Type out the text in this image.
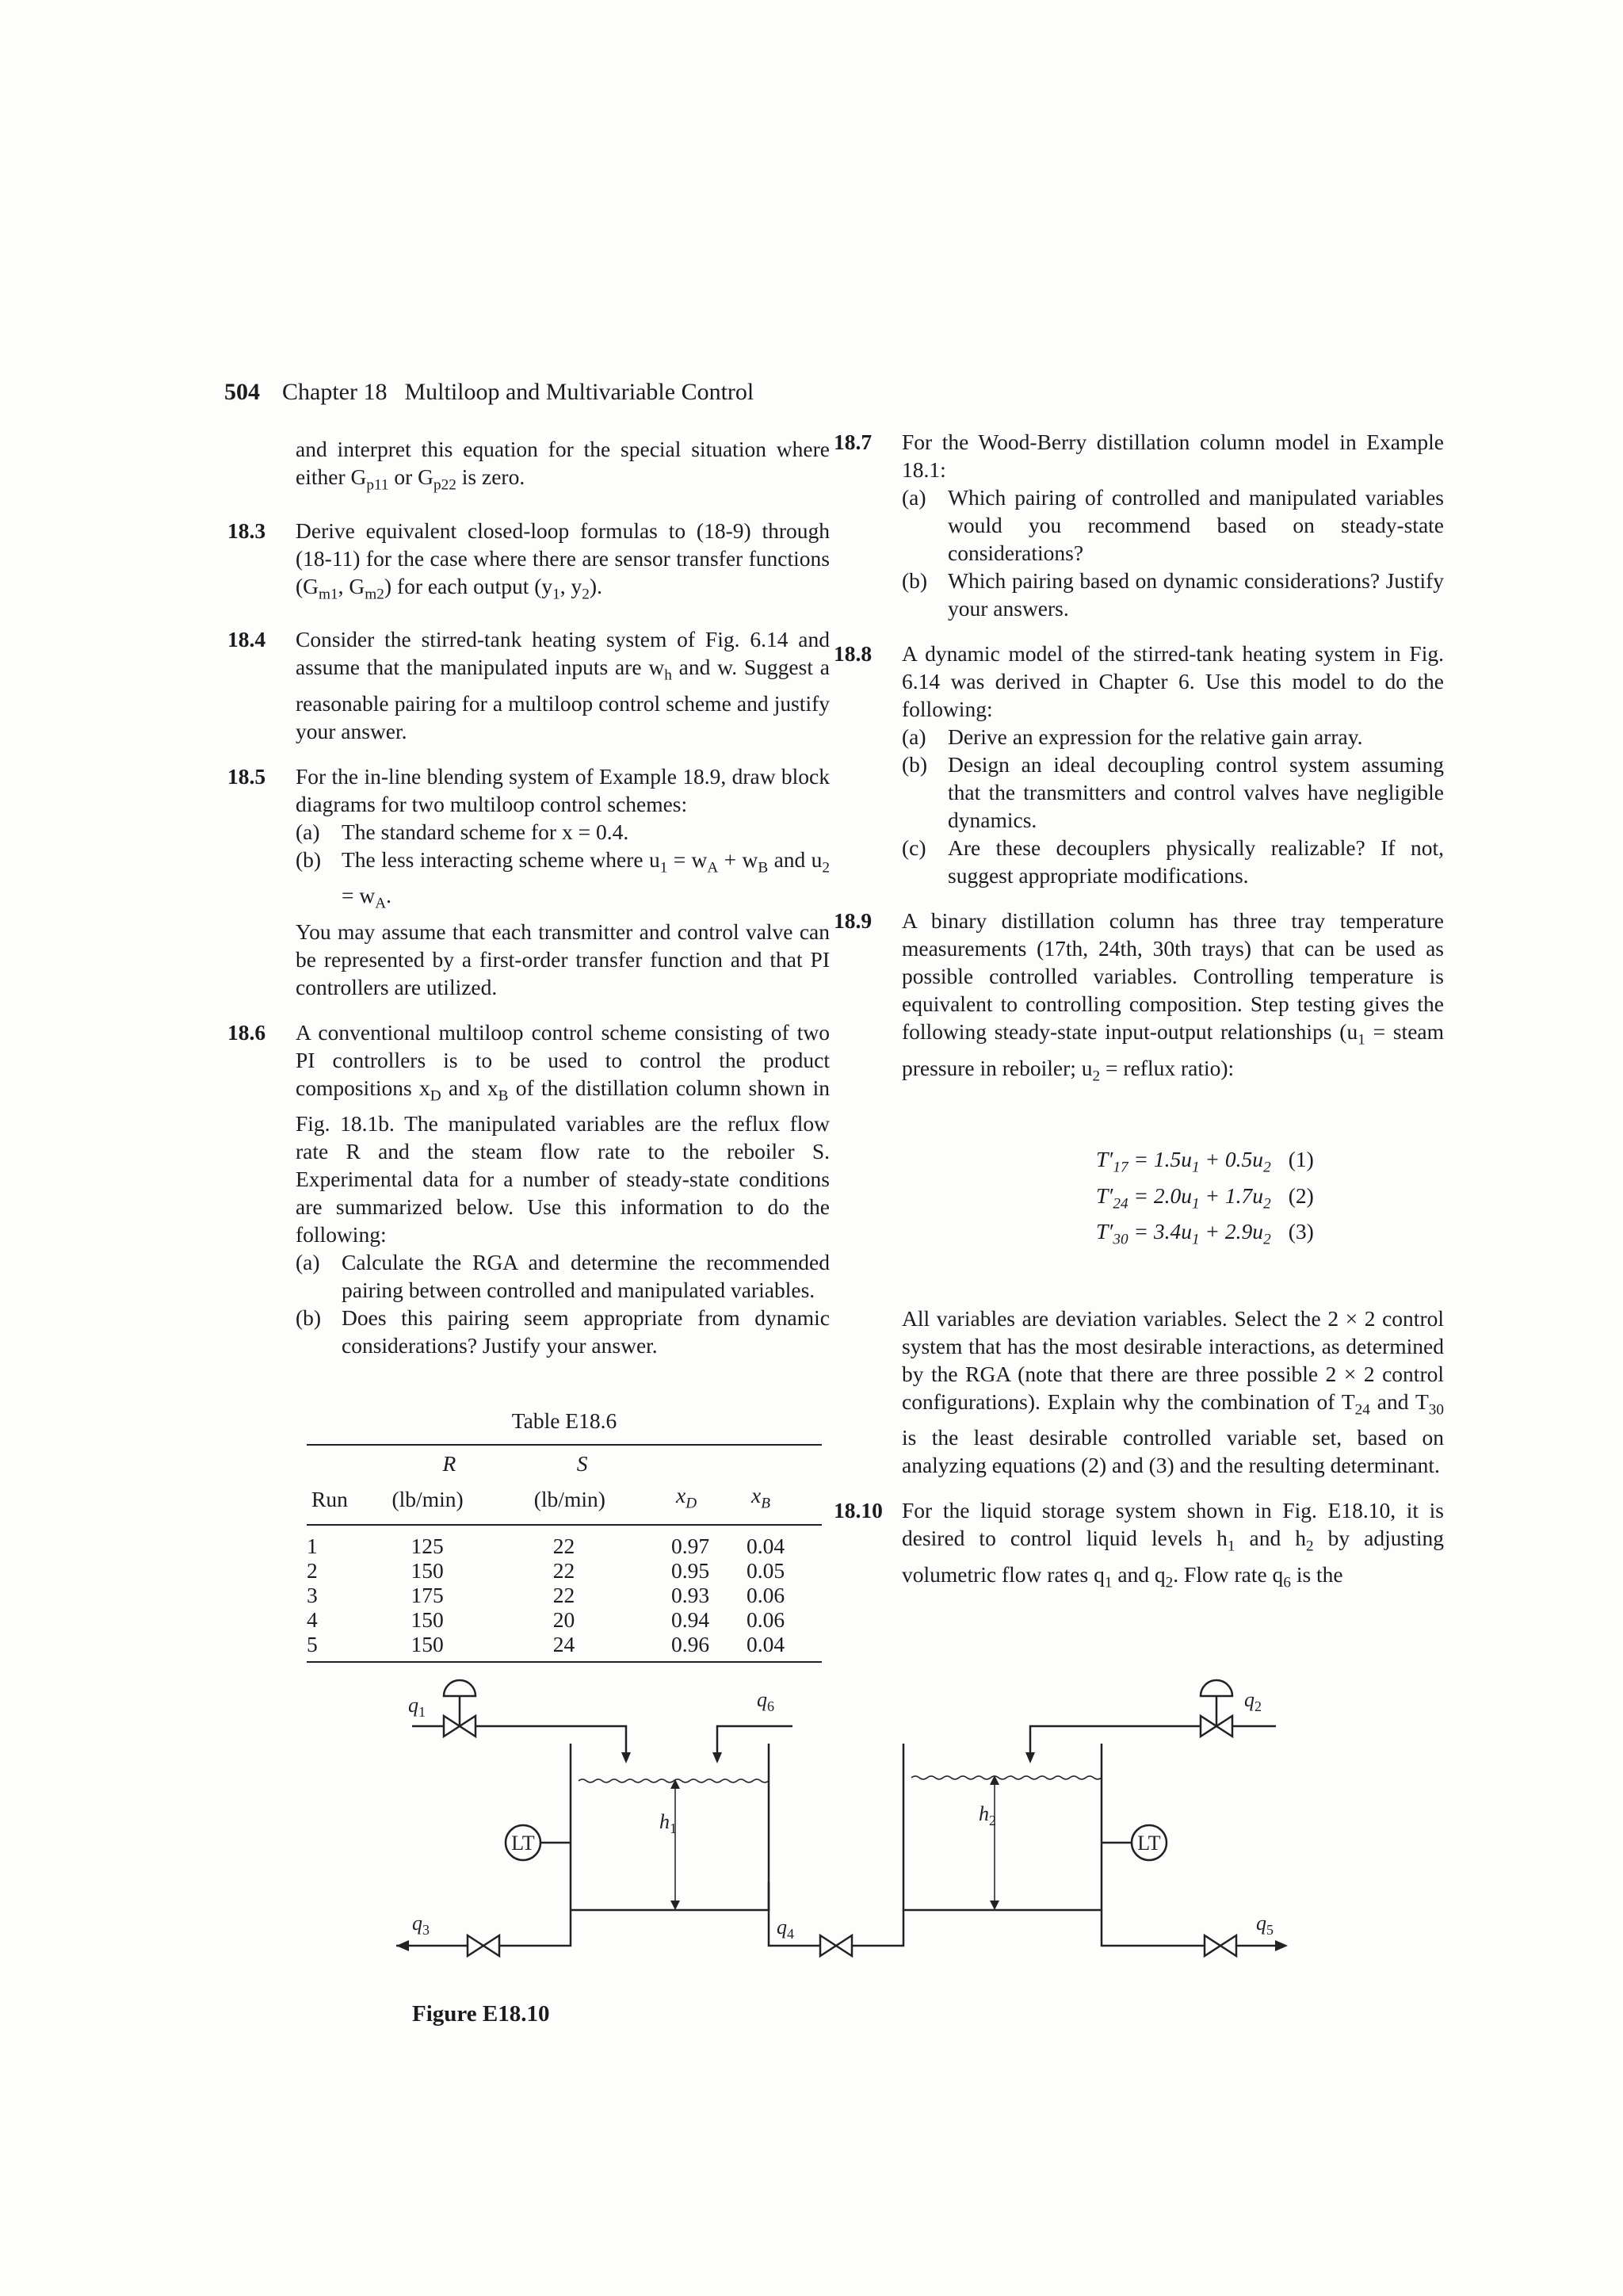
504 Chapter 18 Multiloop and Multivariable Control

and interpret this equation for the special situation where either $G_{p11}$ or $G_{p22}$ is zero.

18.3 Derive equivalent closed-loop formulas to (18-9) through (18-11) for the case where there are sensor transfer functions ($G_{m1}$, $G_{m2}$) for each output ($y_1$, $y_2$).

18.4 Consider the stirred-tank heating system of Fig. 6.14 and assume that the manipulated inputs are $w_h$ and w. Suggest a reasonable pairing for a multiloop control scheme and justify your answer.

18.5 For the in-line blending system of Example 18.9, draw block diagrams for two multiloop control schemes:

(a) The standard scheme for x = 0.4.
(b) The less interacting scheme where $u_1 = w_A + w_B$ and $u_2 = w_A$.

You may assume that each transmitter and control valve can be represented by a first-order transfer function and that PI controllers are utilized.

18.6 A conventional multiloop control scheme consisting of two PI controllers is to be used to control the product compositions $x_D$ and $x_B$ of the distillation column shown in Fig. 18.1b. The manipulated variables are the reflux flow rate R and the steam flow rate to the reboiler S. Experimental data for a number of steady-state conditions are summarized below. Use this information to do the following:

(a) Calculate the RGA and determine the recommended pairing between controlled and manipulated variables.
(b) Does this pairing seem appropriate from dynamic considerations? Justify your answer.
Table E18.6
	R	S		
Run	(lb/min)	(lb/min)	$x_D$	$x_B$
1	125	22	0.97	0.04
2	150	22	0.95	0.05
3	175	22	0.93	0.06
4	150	20	0.94	0.06
5	150	24	0.96	0.04
18.7 For the Wood-Berry distillation column model in Example 18.1:

(a) Which pairing of controlled and manipulated variables would you recommend based on steady-state considerations?
(b) Which pairing based on dynamic considerations? Justify your answers.
18.8 A dynamic model of the stirred-tank heating system in Fig. 6.14 was derived in Chapter 6. Use this model to do the following:

(a) Derive an expression for the relative gain array.
(b) Design an ideal decoupling control system assuming that the transmitters and control valves have negligible dynamics.
(c) Are these decouplers physically realizable? If not, suggest appropriate modifications.
18.9 A binary distillation column has three tray temperature measurements (17th, 24th, 30th trays) that can be used as possible controlled variables. Controlling temperature is equivalent to controlling composition. Step testing gives the following steady-state input-output relationships ($u_1$ = steam pressure in reboiler; $u_2$ = reflux ratio):

$T'_{17} = 1.5u_1 + 0.5u_2$ (1)
$T'_{24} = 2.0u_1 + 1.7u_2$ (2)
$T'_{30} = 3.4u_1 + 2.9u_2$ (3)

All variables are deviation variables. Select the 2 × 2 control system that has the most desirable interactions, as determined by the RGA (note that there are three possible 2 × 2 control configurations). Explain why the combination of $T_{24}$ and $T_{30}$ is the least desirable controlled variable set, based on analyzing equations (2) and (3) and the resulting determinant.

18.10 For the liquid storage system shown in Fig. E18.10, it is desired to control liquid levels $h_1$ and $h_2$ by adjusting volumetric flow rates $q_1$ and $q_2$. Flow rate $q_6$ is the

LT	LT
$q_1$
$q_6$	$q_2$
$q_3$	$q_4$	$q_5$
$h_1$
$h_2$
Figure E18.10
